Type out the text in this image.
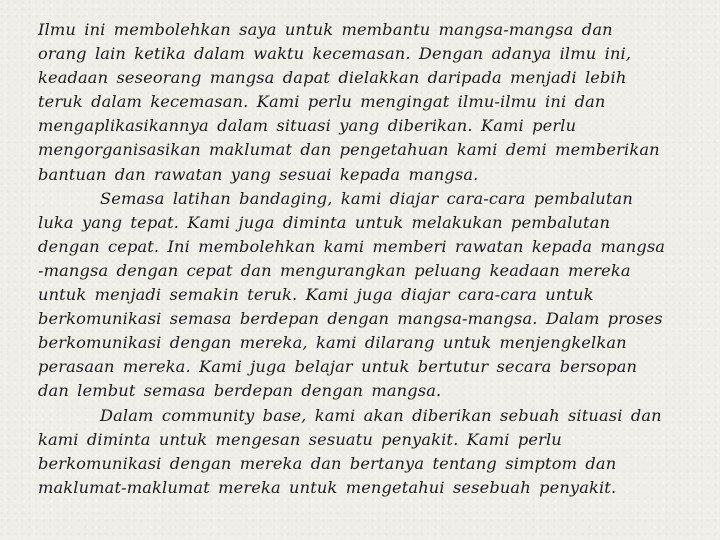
Ilmu ini membolehkan saya untuk membantu mangsa-mangsa dan
orang lain ketika dalam waktu kecemasan. Dengan adanya ilmu ini,
keadaan seseorang mangsa dapat dielakkan daripada menjadi lebih
teruk dalam kecemasan. Kami perlu mengingat ilmu-ilmu ini dan
mengaplikasikannya dalam situasi yang diberikan. Kami perlu
mengorganisasikan maklumat dan pengetahuan kami demi memberikan
bantuan dan rawatan yang sesuai kepada mangsa.

Semasa latihan bandaging, kami diajar cara-cara pembalutan
luka yang tepat. Kami juga diminta untuk melakukan pembalutan
dengan cepat. Ini membolehkan kami memberi rawatan kepada mangsa
-mangsa dengan cepat dan mengurangkan peluang keadaan mereka
untuk menjadi semakin teruk. Kami juga diajar cara-cara untuk
berkomunikasi semasa berdepan dengan mangsa-mangsa. Dalam proses
berkomunikasi dengan mereka, kami dilarang untuk menjengkelkan
perasaan mereka. Kami juga belajar untuk bertutur secara bersopan
dan lembut semasa berdepan dengan mangsa.

Dalam community base, kami akan diberikan sebuah situasi dan
kami diminta untuk mengesan sesuatu penyakit. Kami perlu
berkomunikasi dengan mereka dan bertanya tentang simptom dan
maklumat-maklumat mereka untuk mengetahui sesebuah penyakit.
